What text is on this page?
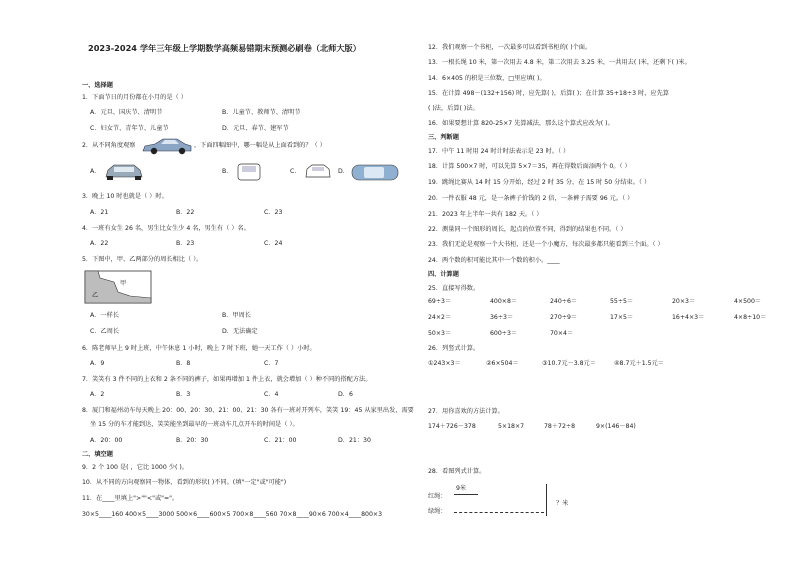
2023-2024 学年三年级上学期数学高频易错期末预测必刷卷（北师大版）
一、选择题
1．下面节日的月份都在小月的是（ ）
A．元旦、国庆节、清明节	B．儿童节、教师节、清明节
C．妇女节、青年节、儿童节	D．元旦、春节、建军节
2．从不同角度观察	，下面四幅图中，哪一幅是从上面看到的？（ ）
A．	B．	C．	D．
3．晚上 10 时也就是（ ）时。
A．21	B．22	C．23
4．一班有女生 26 名，男生比女生少 4 名，男生有（ ）名。
A．22	B．23	C．24
5．下图中，甲、乙两部分的周长相比（ ）。
甲
乙
A．一样长	B．甲周长
C．乙周长	D．无法确定
6．陈老师早上 9 时上班，中午休息 1 小时，晚上 7 时下班，她一天工作（ ）小时。
A．9	B．8	C．7
7．笑笑有 3 件不同的上衣和 2 条不同的裤子，如果再增加 1 件上衣，就会增加（ ）种不同的搭配方法。
A．2	B．3	C．4	D．6
8．厦门和福州动车每天晚上 20：00、20：30、21：00、21：30 各有一班对开列车，笑笑 19：45 从家里出发，需要
坐 15 分的车才能到达，笑笑能坐到最早的一班动车几点开车的时间是（ ）。
A．20：00	B．20：30	C．21：00	D．21：30
二、填空题
9．2 个 100 是( ，它比 1000 少( )。
10．从不同的方向观察同一物体，看到的形状( )不同。(填"一定"或"可能")
11．在____里填上">""<"或"="。
30×5____160 400×5____3000 500×6____600×5 700×8____560 70×8____90×6 700×4____800×3
12．我们观察一个书柜，一次最多可以看到书柜的( )个面。
13．一根长绳 10 米，第一次用去 4.8 米，第二次用去 3.25 米，一共用去( )米，还剩下( )米。
14．6×405 的积是三位数，□里应填( )。
15．在计算 498－(132+156) 时，应先算( )，后算( )；在计算 35+18÷3 时，应先算
( )法，后算( )法。
16．如果要想计算 820-25×7 先算减法，那么这个算式应改为( )。
三、判断题
17．中午 11 时用 24 时计时法表示是 23 时。（ ）
18．计算 500×7 时，可以先算 5×7＝35，再在得数后面添两个 0。（ ）
19．跳绳比赛从 14 时 15 分开始，经过 2 时 35 分，在 15 时 50 分结束。（ ）
20．一件衣服 48 元，是一条裤子价钱的 2 倍，一条裤子需要 96 元。（ ）
21．2023 年上半年一共有 182 天。（ ）
22．测量同一个图形的周长，起点的位置不同，得到的结果也不同。（ ）
23．我们无论是观察一个大书柜，还是一个小魔方，每次最多都只能看到三个面。（ ）
24．两个数的积可能比其中一个数的积小。____
四、计算题
25．直接写得数。
69÷3＝	400×8＝	240÷6＝	55÷5＝	20×3＝	4×500＝
24×2＝	36÷3＝	270÷9＝	17×5＝	16+4×3＝	4×8÷10＝
50×3＝	600÷3＝	70×4＝
26．列竖式计算。
①243×3＝	②6×504＝	③10.7元－3.8元＝	④8.7元＋1.5元＝
27．用你喜欢的方法计算。
174＋726－378	5×18×7	78＋72÷8	9×(146－84)
28．看图列式计算。
红绳：
9米
绿绳：
？米
